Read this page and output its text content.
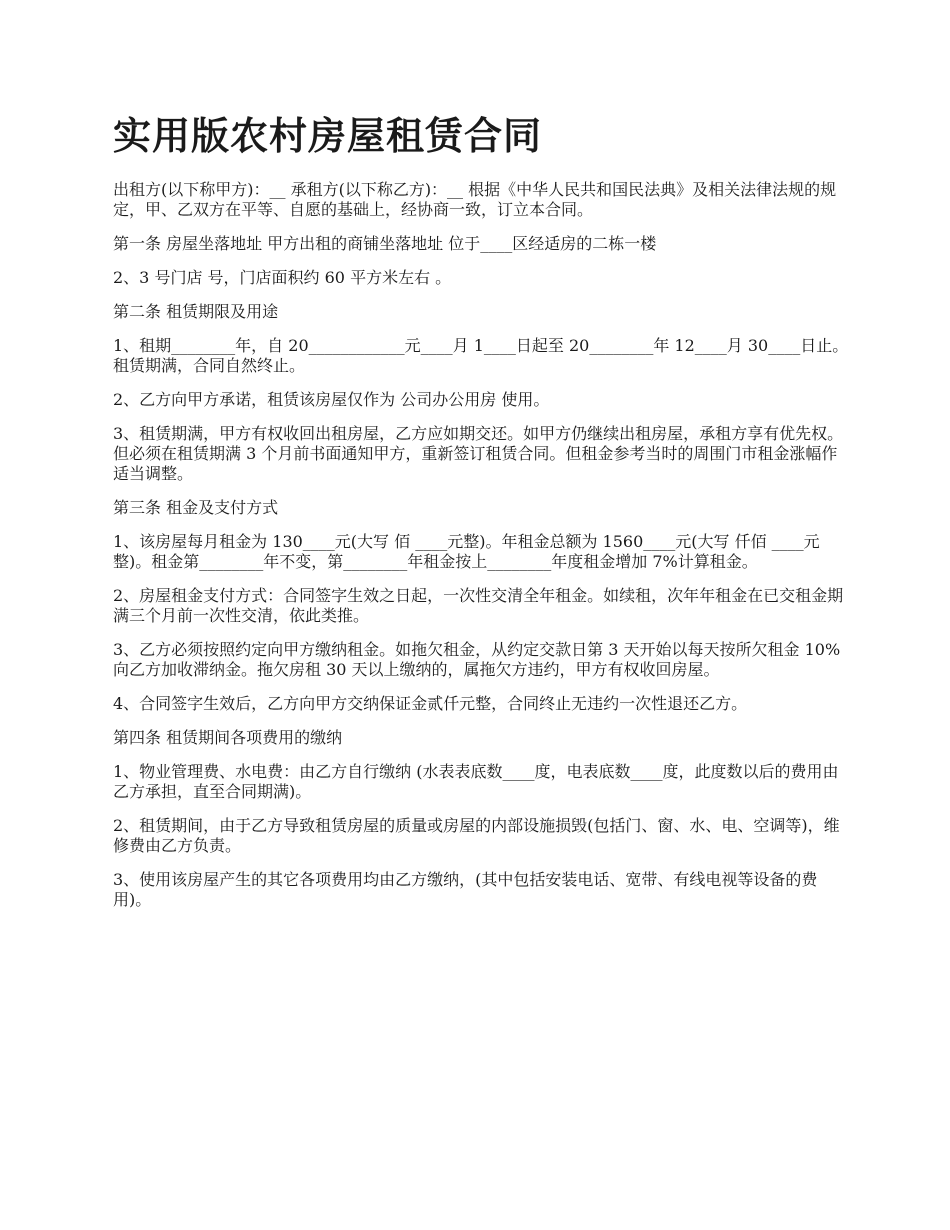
实用版农村房屋租赁合同

出租方(以下称甲方)：__ 承租方(以下称乙方)：__ 根据《中华人民共和国民法典》及相关法律法规的规定，甲、乙双方在平等、自愿的基础上，经协商一致，订立本合同。

第一条 房屋坐落地址 甲方出租的商铺坐落地址 位于____区经适房的二栋一楼

2、3 号门店 号，门店面积约 60 平方米左右 。

第二条 租赁期限及用途

1、租期________年，自 20____________元____月 1____日起至 20________年 12____月 30____日止。租赁期满，合同自然终止。

2、乙方向甲方承诺，租赁该房屋仅作为 公司办公用房 使用。

3、租赁期满，甲方有权收回出租房屋，乙方应如期交还。如甲方仍继续出租房屋，承租方享有优先权。但必须在租赁期满 3 个月前书面通知甲方，重新签订租赁合同。但租金参考当时的周围门市租金涨幅作适当调整。

第三条 租金及支付方式

1、该房屋每月租金为 130____元(大写 佰 ____元整)。年租金总额为 1560____元(大写 仟佰 ____元整)。租金第________年不变，第________年租金按上________年度租金增加 7%计算租金。

2、房屋租金支付方式：合同签字生效之日起，一次性交清全年租金。如续租，次年年租金在已交租金期满三个月前一次性交清，依此类推。

3、乙方必须按照约定向甲方缴纳租金。如拖欠租金，从约定交款日第 3 天开始以每天按所欠租金 10%向乙方加收滞纳金。拖欠房租 30 天以上缴纳的，属拖欠方违约，甲方有权收回房屋。

4、合同签字生效后，乙方向甲方交纳保证金贰仟元整，合同终止无违约一次性退还乙方。

第四条 租赁期间各项费用的缴纳

1、物业管理费、水电费：由乙方自行缴纳 (水表表底数____度，电表底数____度，此度数以后的费用由乙方承担，直至合同期满)。

2、租赁期间，由于乙方导致租赁房屋的质量或房屋的内部设施损毁(包括门、窗、水、电、空调等)，维修费由乙方负责。

3、使用该房屋产生的其它各项费用均由乙方缴纳，(其中包括安装电话、宽带、有线电视等设备的费用)。
